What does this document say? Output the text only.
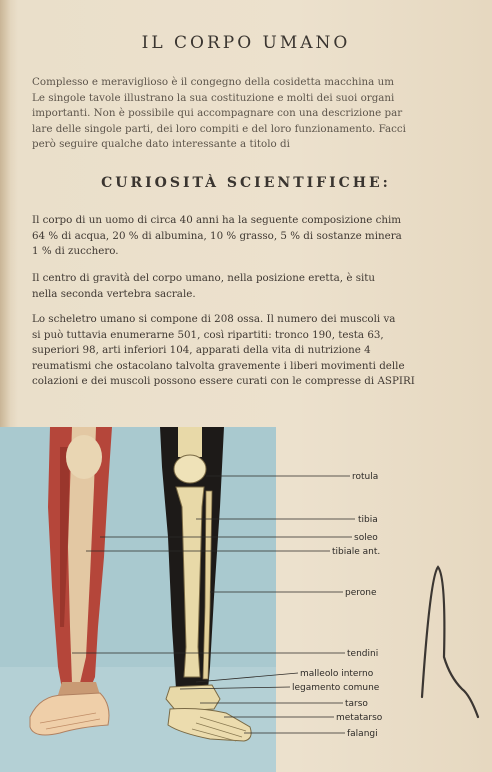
IL CORPO UMANO

Complesso e meraviglioso è il congegno della cosidetta macchina um

Le singole tavole illustrano la sua costituzione e molti dei suoi organi

importanti. Non è possibile qui accompagnare con una descrizione par

lare delle singole parti, dei loro compiti e del loro funzionamento. Facci

però seguire qualche dato interessante a titolo di

CURIOSITÀ SCIENTIFICHE:

Il corpo di un uomo di circa 40 anni ha la seguente composizione chim

64 % di acqua, 20 % di albumina, 10 % grasso, 5 % di sostanze minera

1 % di zucchero.

Il centro di gravità del corpo umano, nella posizione eretta, è situ

nella seconda vertebra sacrale.

Lo scheletro umano si compone di 208 ossa. Il numero dei muscoli va

si può tuttavia enumerarne 501, così ripartiti: tronco 190, testa 63,

superiori 98, arti inferiori 104, apparati della vita di nutrizione 4

reumatismi che ostacolano talvolta gravemente i liberi movimenti delle

colazioni e dei muscoli possono essere curati con le compresse di ASPIRI

rotula
tibia
soleo
tibiale ant.
perone
tendini
malleolo interno
legamento comune
tarso
metatarso
falangi
